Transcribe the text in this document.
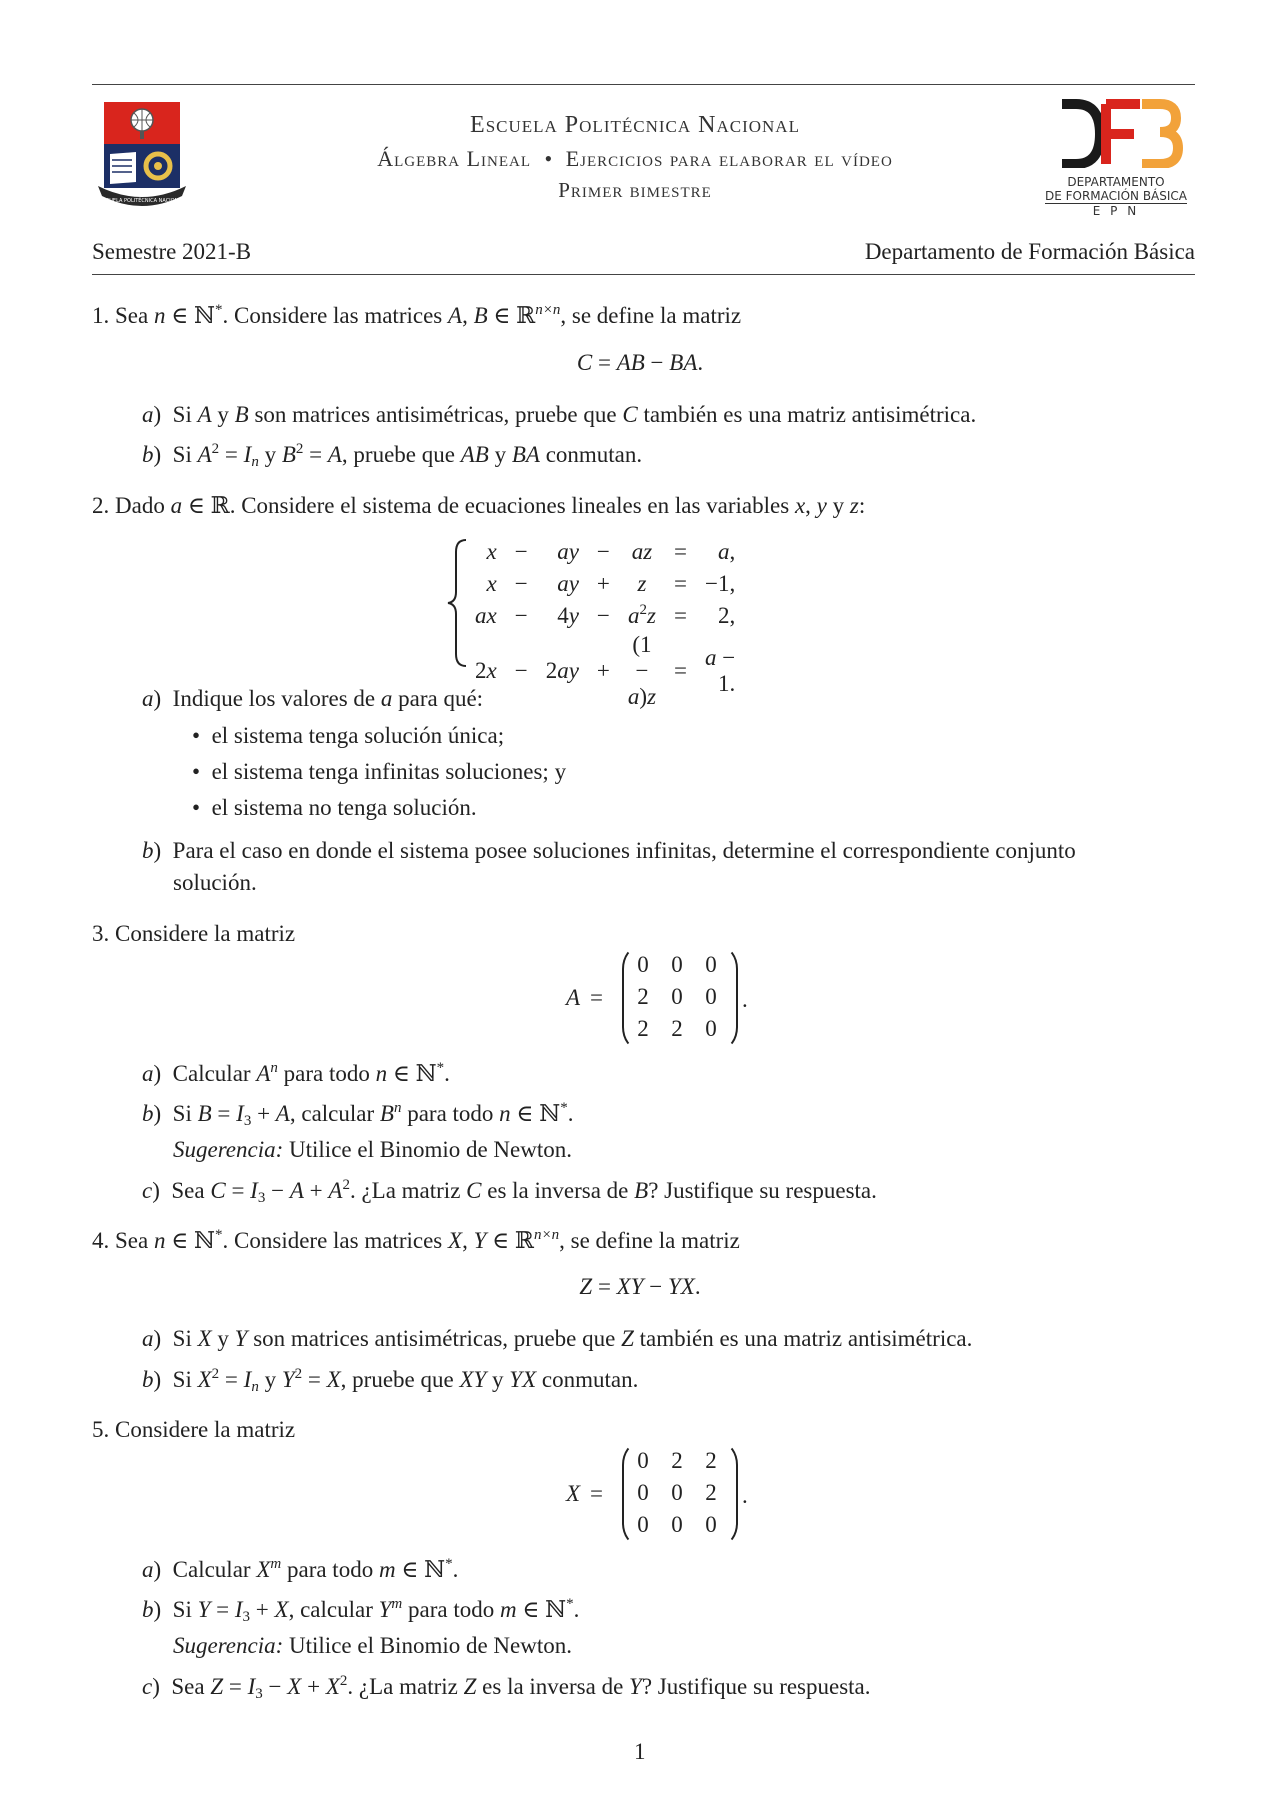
ESCUELA POLITÉCNICA NACIONAL
Escuela Politécnica Nacional
Álgebra Lineal • Ejercicios para elaborar el vídeo
Primer bimestre	DEPARTAMENTO
DE FORMACIÓN BÁSICA
E P N
Semestre 2021-B	Departamento de Formación Básica
1. Sea n ∈ ℕ*. Considere las matrices A, B ∈ ℝ$^{n\times n}$, se define la matriz
C = AB − BA.
a)  Si A y B son matrices antisimétricas, pruebe que C también es una matriz antisimétrica.
b)  Si $A^2 = I_n$ y $B^2 = A$, pruebe que AB y BA conmutan.
2. Dado a ∈ ℝ. Considere el sistema de ecuaciones lineales en las variables x, y y z:
x	−	ay	−	az	=	a,
x	−	ay	+	z	=	−1,
ax	−	4y	−	$a^2z$	=	2,
2x	−	2ay	+	(1 − a)z	=	a − 1.
a)  Indique los valores de a para qué:
•  el sistema tenga solución única;
•  el sistema tenga infinitas soluciones; y
•  el sistema no tenga solución.
b)  Para el caso en donde el sistema posee soluciones infinitas, determine el correspondiente conjunto
solución.
3. Considere la matriz
A =
0 0 0
2 0 0
2 2 0
.
a)  Calcular $A^n$ para todo n ∈ ℕ*.
b)  Si $B = I_3 + A$, calcular $B^n$ para todo n ∈ ℕ*.
Sugerencia: Utilice el Binomio de Newton.
c)  Sea $C = I_3 - A + A^2$. ¿La matriz C es la inversa de B? Justifique su respuesta.
4. Sea n ∈ ℕ*. Considere las matrices X, Y ∈ ℝ$^{n\times n}$, se define la matriz
Z = XY − YX.
a)  Si X y Y son matrices antisimétricas, pruebe que Z también es una matriz antisimétrica.
b)  Si $X^2 = I_n$ y $Y^2 = X$, pruebe que XY y YX conmutan.
5. Considere la matriz
X =
0 2 2
0 0 2
0 0 0
.
a)  Calcular $X^m$ para todo m ∈ ℕ*.
b)  Si $Y = I_3 + X$, calcular $Y^m$ para todo m ∈ ℕ*.
Sugerencia: Utilice el Binomio de Newton.
c)  Sea $Z = I_3 - X + X^2$. ¿La matriz Z es la inversa de Y? Justifique su respuesta.
1
